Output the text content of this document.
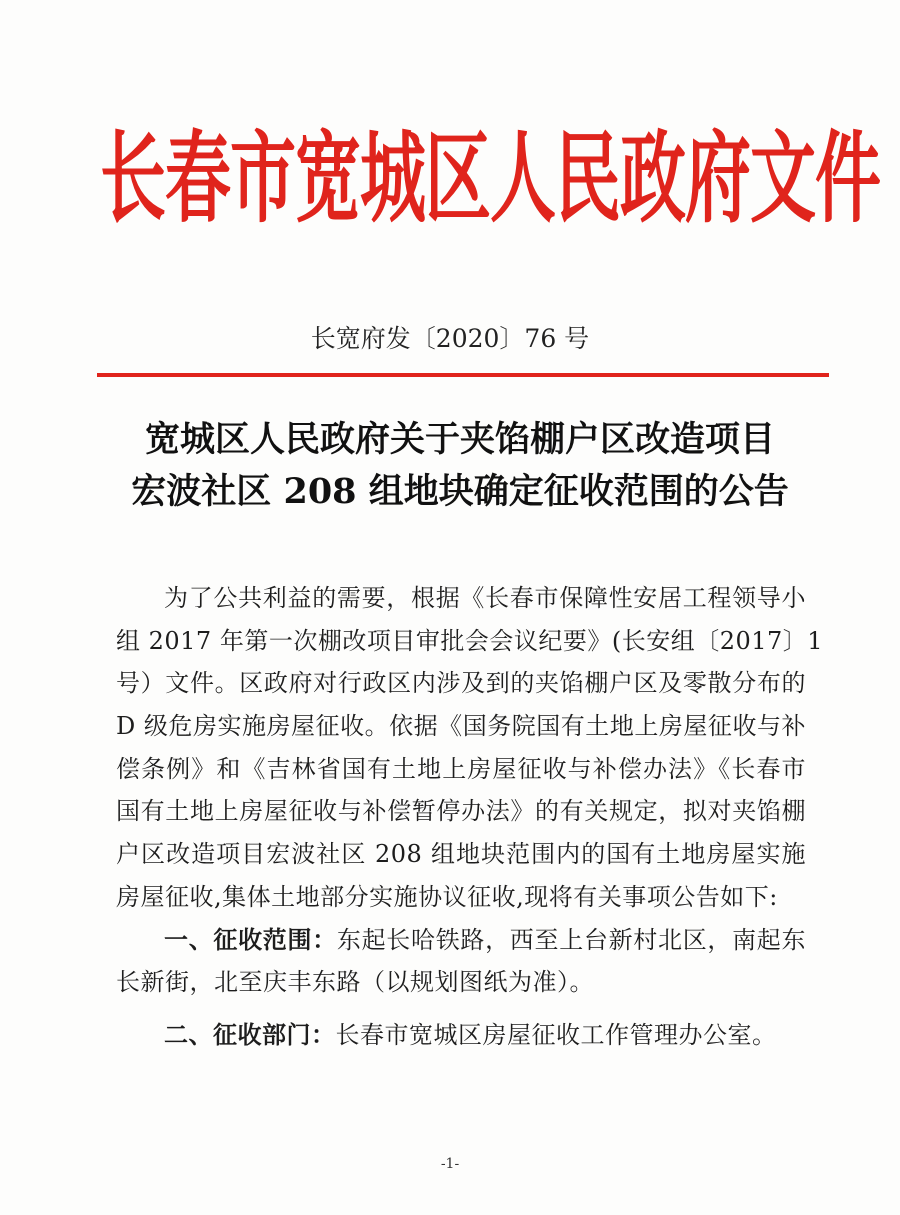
长春市宽城区人民政府文件
长宽府发〔2020〕76 号
宽城区人民政府关于夹馅棚户区改造项目
宏波社区 208 组地块确定征收范围的公告
为了公共利益的需要，根据《长春市保障性安居工程领导小
组 2017 年第一次棚改项目审批会会议纪要》(长安组〔2017〕1
号）文件。区政府对行政区内涉及到的夹馅棚户区及零散分布的
D 级危房实施房屋征收。依据《国务院国有土地上房屋征收与补
偿条例》和《吉林省国有土地上房屋征收与补偿办法》《长春市
国有土地上房屋征收与补偿暂停办法》的有关规定，拟对夹馅棚
户区改造项目宏波社区 208 组地块范围内的国有土地房屋实施
房屋征收,集体土地部分实施协议征收,现将有关事项公告如下:
一、征收范围：东起长哈铁路，西至上台新村北区，南起东
长新街，北至庆丰东路（以规划图纸为准）。
二、征收部门：长春市宽城区房屋征收工作管理办公室。
-1-
